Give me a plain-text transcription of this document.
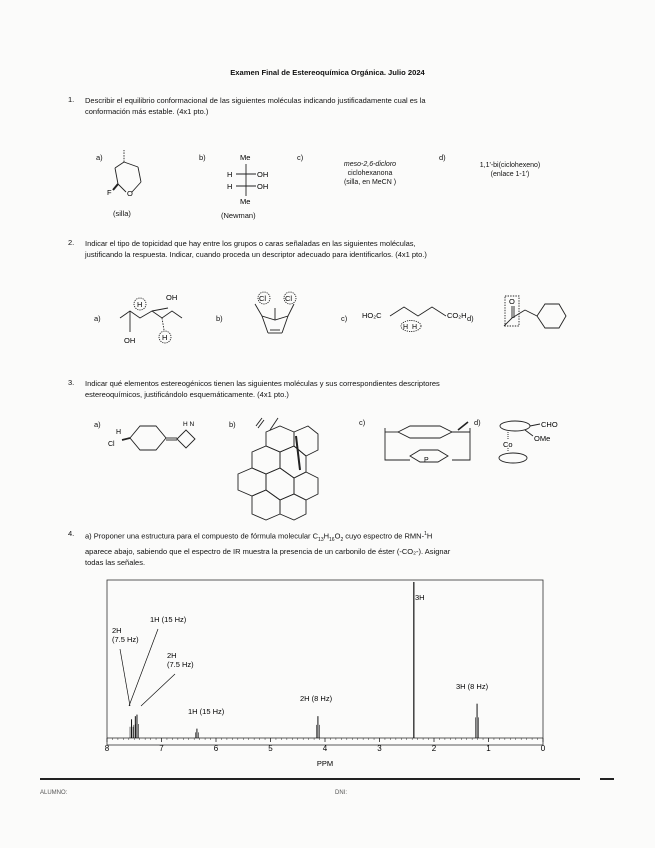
Examen Final de Estereoquímica Orgánica. Julio 2024
1. Describir el equilibrio conformacional de las siguientes moléculas indicando justificadamente cual es la
conformación más estable. (4x1 pto.)
F O
Me
H	OH
H	OH
Me
a)
(silla)
b)
(Newman)
c)
meso-2,6-dicloro
ciclohexanona
(silla, en MeCN )
d)
1,1'-bi(ciclohexeno)
(enlace 1-1')
2. Indicar el tipo de topicidad que hay entre los grupos o caras señaladas en las siguientes moléculas,
justificando la respuesta. Indicar, cuando proceda un descriptor adecuado para identificarlos. (4x1 pto.)
a)	b)	c)	d)
OH
OH
H
H
Cl	Cl
HO₂C	CO₂H
H H
O
3. Indicar qué elementos estereogénicos tienen las siguientes moléculas y sus correspondientes descriptores
estereoquímicos, justificándolo esquemáticamente. (4x1 pto.)
a)	b)	c)	d)
H
Cl
H N
P
CHO
OMe
Co
4. a) Proponer una estructura para el compuesto de fórmula molecular $C_{13}H_{16}O_2$ cuyo espectro de RMN-$^1$H
aparece abajo, sabiendo que el espectro de IR muestra la presencia de un carbonilo de éster (-CO₂-). Asignar
todas las señales.
8	7	6	5	4	3	2	1	0
1H (15 Hz)
2H
(7.5 Hz)
2H
(7.5 Hz)
1H (15 Hz)
2H (8 Hz)
3H
3H (8 Hz)
PPM
ALUMNO:	DNI:
